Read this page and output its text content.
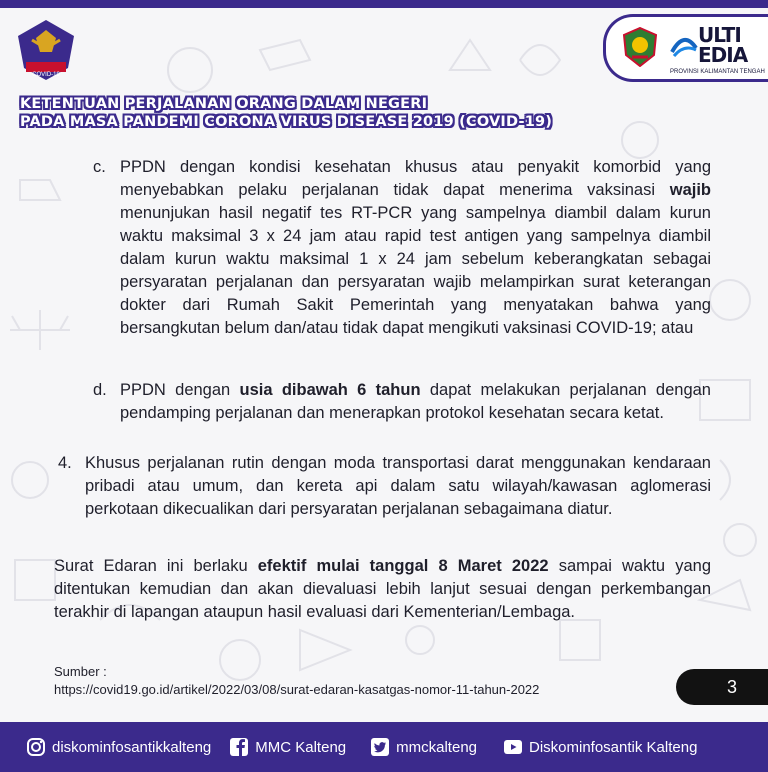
COVID-19
ULTI
EDIA
PROVINSI KALIMANTAN TENGAH
KETENTUAN PERJALANAN ORANG DALAM NEGERI
PADA MASA PANDEMI CORONA VIRUS DISEASE 2019 (COVID-19)
c. PPDN dengan kondisi kesehatan khusus atau penyakit komorbid yang menyebabkan pelaku perjalanan tidak dapat menerima vaksinasi wajib menunjukan hasil negatif tes RT-PCR yang sampelnya diambil dalam kurun waktu maksimal 3 x 24 jam atau rapid test antigen yang sampelnya diambil dalam kurun waktu maksimal 1 x 24 jam sebelum keberangkatan sebagai persyaratan perjalanan dan persyaratan wajib melampirkan surat keterangan dokter dari Rumah Sakit Pemerintah yang menyatakan bahwa yang bersangkutan belum dan/atau tidak dapat mengikuti vaksinasi COVID-19; atau
d. PPDN dengan usia dibawah 6 tahun dapat melakukan perjalanan dengan pendamping perjalanan dan menerapkan protokol kesehatan secara ketat.
4. Khusus perjalanan rutin dengan moda transportasi darat menggunakan kendaraan pribadi atau umum, dan kereta api dalam satu wilayah/kawasan aglomerasi perkotaan dikecualikan dari persyaratan perjalanan sebagaimana diatur.
Surat Edaran ini berlaku efektif mulai tanggal 8 Maret 2022 sampai waktu yang ditentukan kemudian dan akan dievaluasi lebih lanjut sesuai dengan perkembangan terakhir di lapangan ataupun hasil evaluasi dari Kementerian/Lembaga.
Sumber :
https://covid19.go.id/artikel/2022/03/08/surat-edaran-kasatgas-nomor-11-tahun-2022	3
diskominfosantikkalteng	MMC Kalteng	mmckalteng	Diskominfosantik Kalteng
